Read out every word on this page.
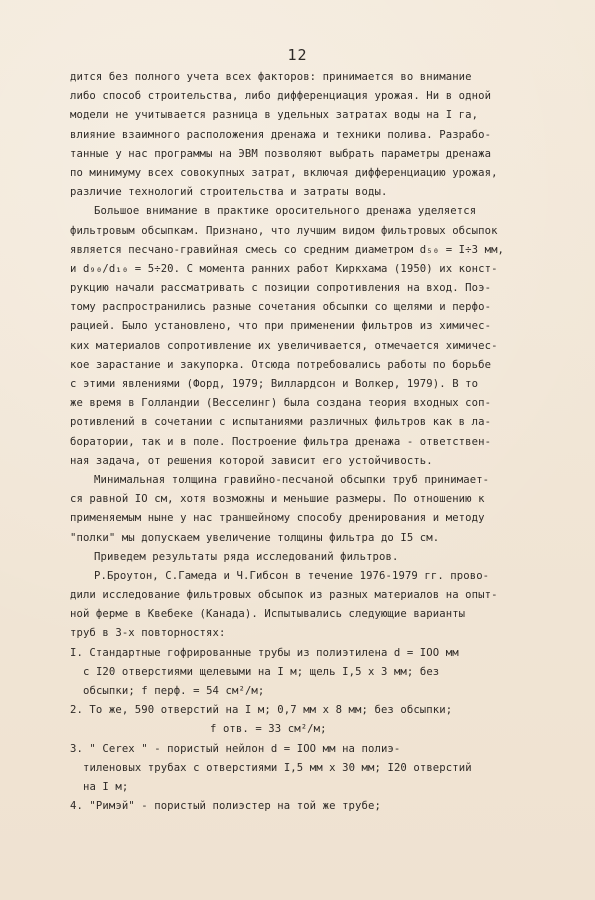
12
дится без полного учета всех факторов: принимается во внимание
либо способ строительства, либо дифференциация урожая. Ни в одной
модели не учитывается разница в удельных затратах воды на I га,
влияние взаимного расположения дренажа и техники полива. Разрабо-
танные у нас программы на ЭВМ позволяют выбрать параметры дренажа
по минимуму всех совокупных затрат, включая дифференциацию урожая,
различие технологий строительства и затраты воды.
Большое внимание в практике оросительного дренажа уделяется
фильтровым обсыпкам. Признано, что лучшим видом фильтровых обсыпок
является песчано-гравийная смесь со средним диаметром d₅₀ = I÷3 мм,
и d₉₀/d₁₀ = 5÷20. С момента ранних работ Киркхама (1950) их конст-
рукцию начали рассматривать с позиции сопротивления на вход. Поэ-
тому распространились разные сочетания обсыпки со щелями и перфо-
рацией. Было установлено, что при применении фильтров из химичес-
ких материалов сопротивление их увеличивается, отмечается химичес-
кое зарастание и закупорка. Отсюда потребовались работы по борьбе
с этими явлениями (Форд, 1979; Виллардсон и Волкер, 1979). В то
же время в Голландии (Весселинг) была создана теория входных соп-
ротивлений в сочетании с испытаниями различных фильтров как в ла-
боратории, так и в поле. Построение фильтра дренажа - ответствен-
ная задача, от решения которой зависит его устойчивость.
Минимальная толщина гравийно-песчаной обсыпки труб принимает-
ся равной IO см, хотя возможны и меньшие размеры. По отношению к
применяемым ныне у нас траншейному способу дренирования и методу
"полки" мы допускаем увеличение толщины фильтра до I5 см.
Приведем результаты ряда исследований фильтров.
Р.Броутон, С.Гамеда и Ч.Гибсон в течение 1976-1979 гг. прово-
дили исследование фильтровых обсыпок из разных материалов на опыт-
ной ферме в Квебеке (Канада). Испытывались следующие варианты
труб в 3-х повторностях:
I. Стандартные гофрированные трубы из полиэтилена d = IOO мм
с I20 отверстиями щелевыми на I м; щель I,5 х 3 мм; без
обсыпки; f перф. = 54 см²/м;
2. То же, 590 отверстий на I м; 0,7 мм х 8 мм; без обсыпки;
f отв. = 33 см²/м;
3. " Cerex " - пористый нейлон d = IOO мм на полиэ-
тиленовых трубах с отверстиями I,5 мм х 30 мм; I20 отверстий
на I м;
4. "Римэй" - пористый полиэстер на той же трубе;
